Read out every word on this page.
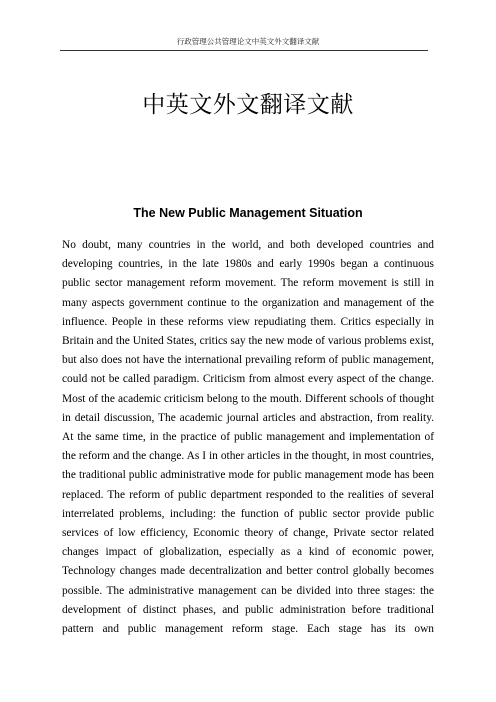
行政管理公共管理论文中英文外文翻译文献
中英文外文翻译文献
The New Public Management Situation

No doubt, many countries in the world, and both developed countries and developing countries, in the late 1980s and early 1990s began a continuous public sector management reform movement. The reform movement is still in many aspects government continue to the organization and management of the influence. People in these reforms view repudiating them. Critics especially in Britain and the United States, critics say the new mode of various problems exist, but also does not have the international prevailing reform of public management, could not be called paradigm. Criticism from almost every aspect of the change. Most of the academic criticism belong to the mouth. Different schools of thought in detail discussion, The academic journal articles and abstraction, from reality. At the same time, in the practice of public management and implementation of the reform and the change. As I in other articles in the thought, in most countries, the traditional public administrative mode for public management mode has been replaced. The reform of public department responded to the realities of several interrelated problems, including: the function of public sector provide public services of low efficiency, Economic theory of change, Private sector related changes impact of globalization, especially as a kind of economic power, Technology changes made decentralization and better control globally becomes possible. The administrative management can be divided into three stages: the development of distinct phases, and public administration before traditional pattern and public management reform stage. Each stage has its own
